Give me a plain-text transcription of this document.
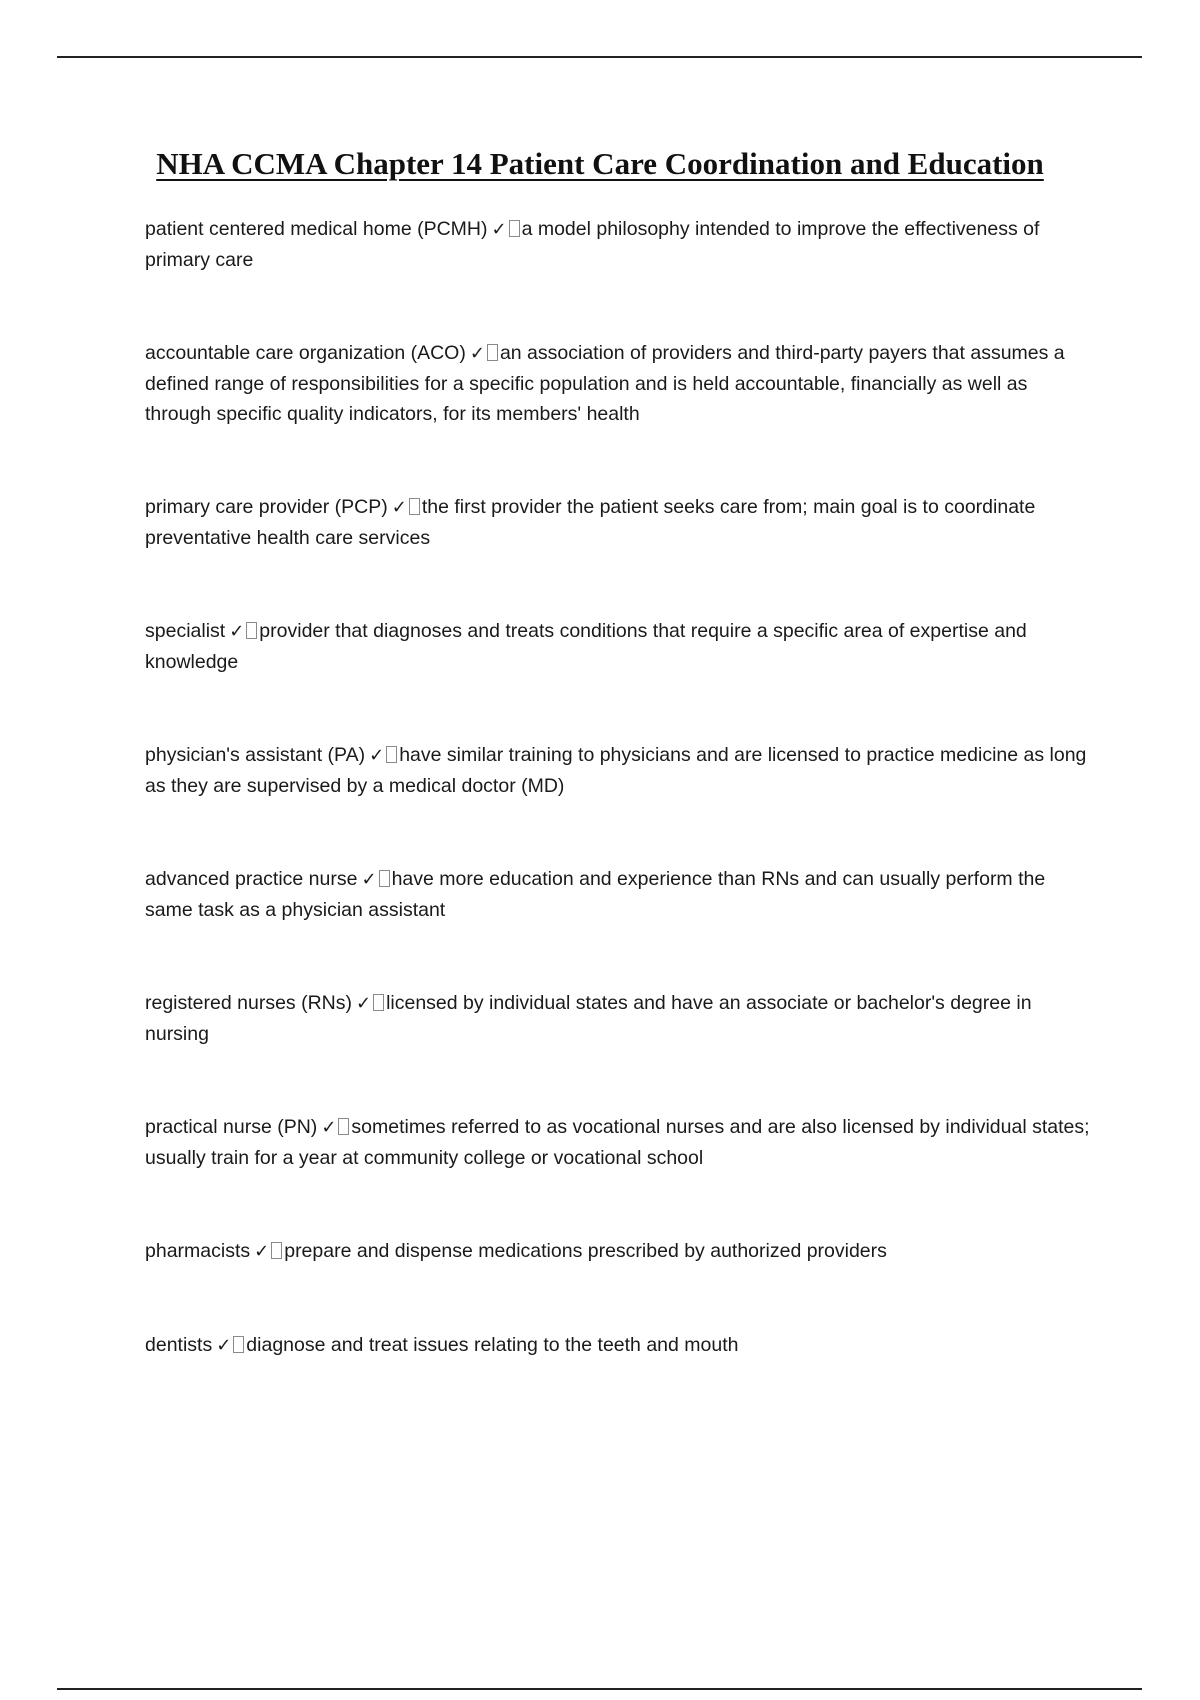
NHA CCMA Chapter 14 Patient Care Coordination and Education
patient centered medical home (PCMH) ✓ a model philosophy intended to improve the effectiveness of primary care
accountable care organization (ACO) ✓ an association of providers and third-party payers that assumes a defined range of responsibilities for a specific population and is held accountable, financially as well as through specific quality indicators, for its members' health
primary care provider (PCP) ✓ the first provider the patient seeks care from; main goal is to coordinate preventative health care services
specialist ✓ provider that diagnoses and treats conditions that require a specific area of expertise and knowledge
physician's assistant (PA) ✓ have similar training to physicians and are licensed to practice medicine as long as they are supervised by a medical doctor (MD)
advanced practice nurse ✓ have more education and experience than RNs and can usually perform the same task as a physician assistant
registered nurses (RNs) ✓ licensed by individual states and have an associate or bachelor's degree in nursing
practical nurse (PN) ✓ sometimes referred to as vocational nurses and are also licensed by individual states; usually train for a year at community college or vocational school
pharmacists ✓ prepare and dispense medications prescribed by authorized providers
dentists ✓ diagnose and treat issues relating to the teeth and mouth
